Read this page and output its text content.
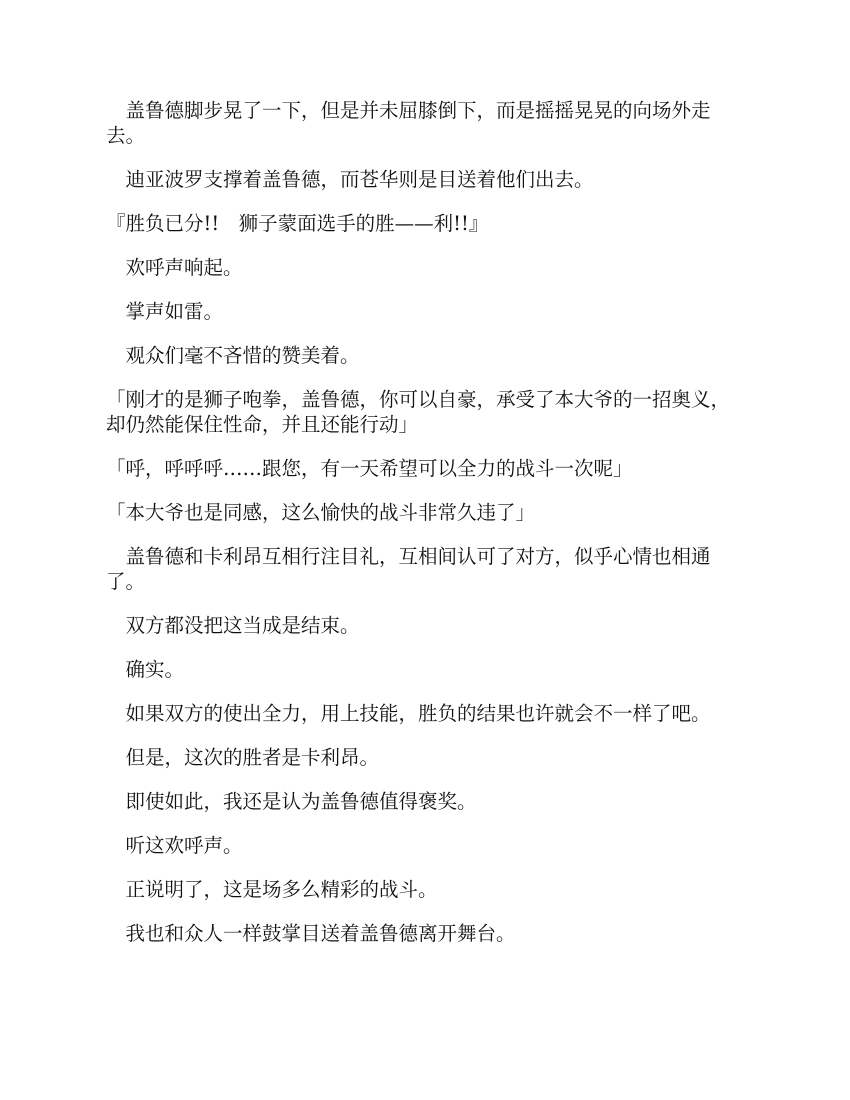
　盖鲁德脚步晃了一下，但是并未屈膝倒下，而是摇摇晃晃的向场外走去。

　迪亚波罗支撑着盖鲁德，而苍华则是目送着他们出去。

『胜负已分!!　狮子蒙面选手的胜——利!!』

　欢呼声响起。

　掌声如雷。

　观众们毫不吝惜的赞美着。

「刚才的是狮子咆拳，盖鲁德，你可以自豪，承受了本大爷的一招奥义，却仍然能保住性命，并且还能行动」

「呼，呼呼呼……跟您，有一天希望可以全力的战斗一次呢」

「本大爷也是同感，这么愉快的战斗非常久违了」

　盖鲁德和卡利昂互相行注目礼，互相间认可了对方，似乎心情也相通了。

　双方都没把这当成是结束。

　确实。

　如果双方的使出全力，用上技能，胜负的结果也许就会不一样了吧。

　但是，这次的胜者是卡利昂。

　即使如此，我还是认为盖鲁德值得褒奖。

　听这欢呼声。

　正说明了，这是场多么精彩的战斗。

　我也和众人一样鼓掌目送着盖鲁德离开舞台。
